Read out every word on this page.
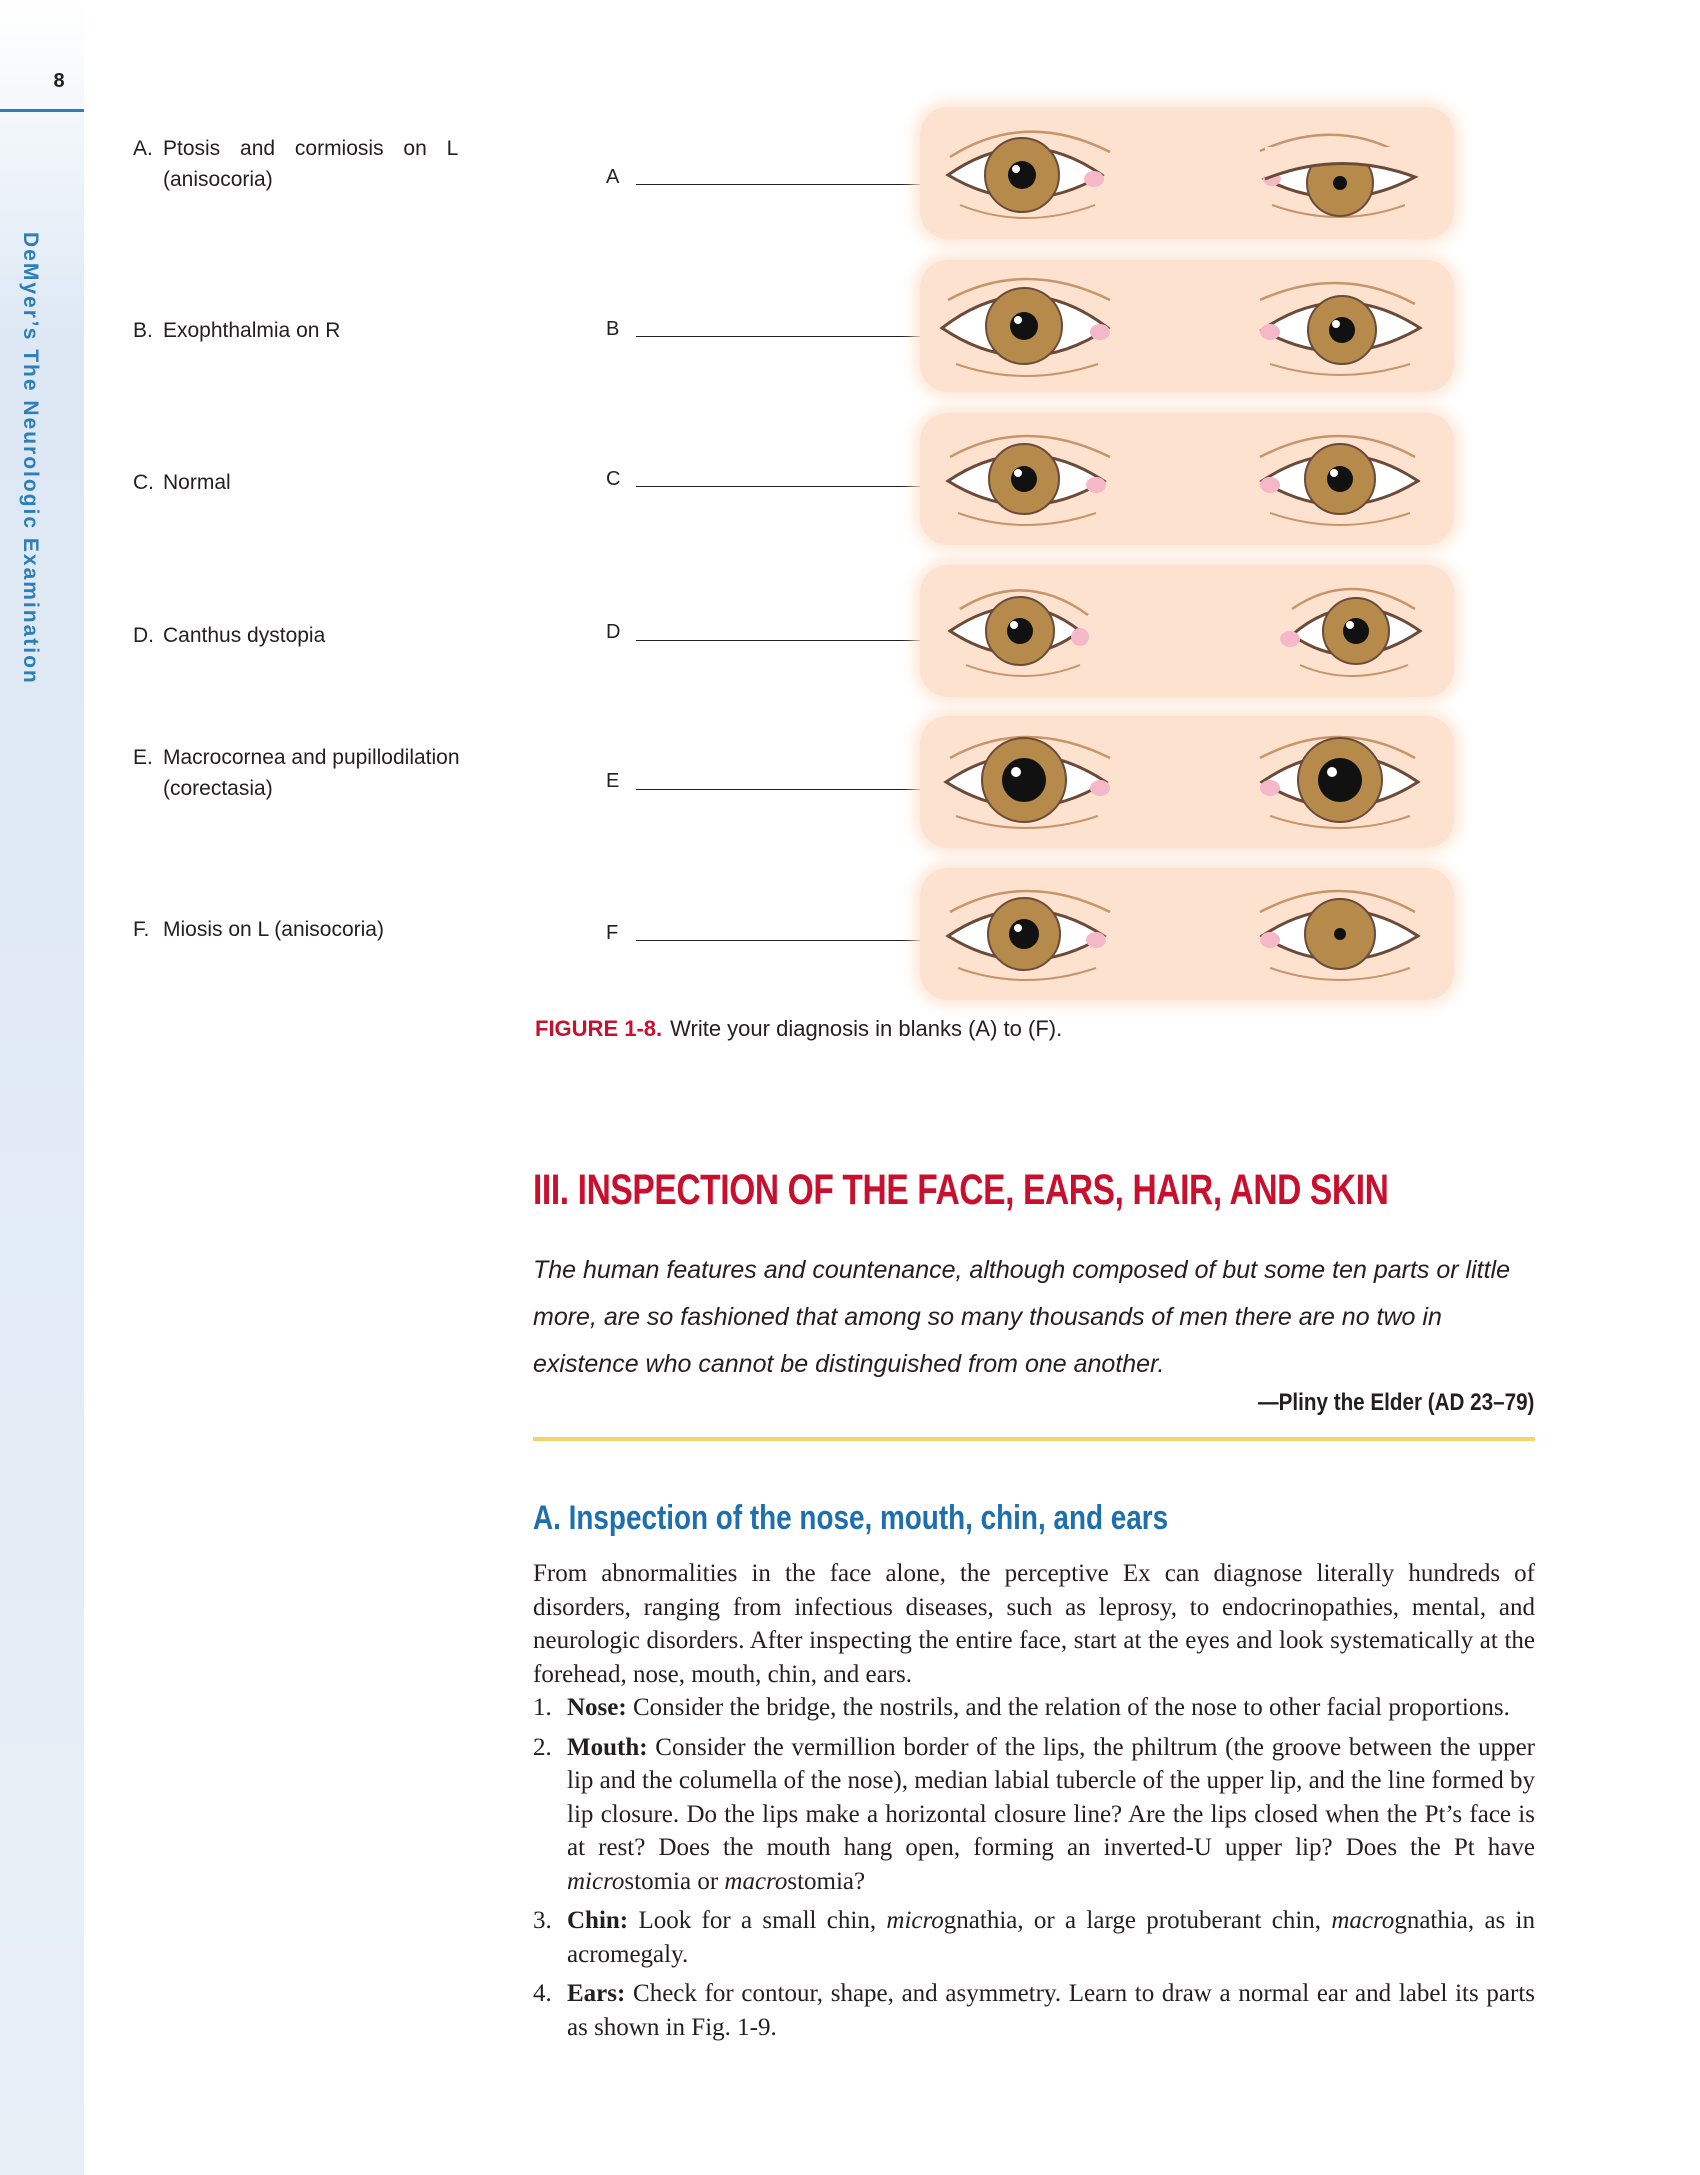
8
DeMyer’s The Neurologic Examination
A. Ptosis and cormiosis on L
(anisocoria)
B. Exophthalmia on R
C. Normal
D. Canthus dystopia
E. Macrocornea and pupillodilation
(corectasia)
F. Miosis on L (anisocoria)
A
B
C
D
E
F
FIGURE 1-8. Write your diagnosis in blanks (A) to (F).
III. INSPECTION OF THE FACE, EARS, HAIR, AND SKIN
The human features and countenance, although composed of but some ten parts or little more, are so fashioned that among so many thousands of men there are no two in existence who cannot be distinguished from one another.
—Pliny the Elder (AD 23–79)
A. Inspection of the nose, mouth, chin, and ears

From abnormalities in the face alone, the perceptive Ex can diagnose literally hundreds of disorders, ranging from infectious diseases, such as leprosy, to endocrinopathies, mental, and neurologic disorders. After inspecting the entire face, start at the eyes and look systematically at the forehead, nose, mouth, chin, and ears.

1. Nose: Consider the bridge, the nostrils, and the relation of the nose to other facial proportions.
2. Mouth: Consider the vermillion border of the lips, the philtrum (the groove between the upper lip and the columella of the nose), median labial tubercle of the upper lip, and the line formed by lip closure. Do the lips make a horizontal closure line? Are the lips closed when the Pt’s face is at rest? Does the mouth hang open, forming an inverted-U upper lip? Does the Pt have microstomia or macrostomia?
3. Chin: Look for a small chin, micrognathia, or a large protuberant chin, macrognathia, as in acromegaly.
4. Ears: Check for contour, shape, and asymmetry. Learn to draw a normal ear and label its parts as shown in Fig. 1-9.
